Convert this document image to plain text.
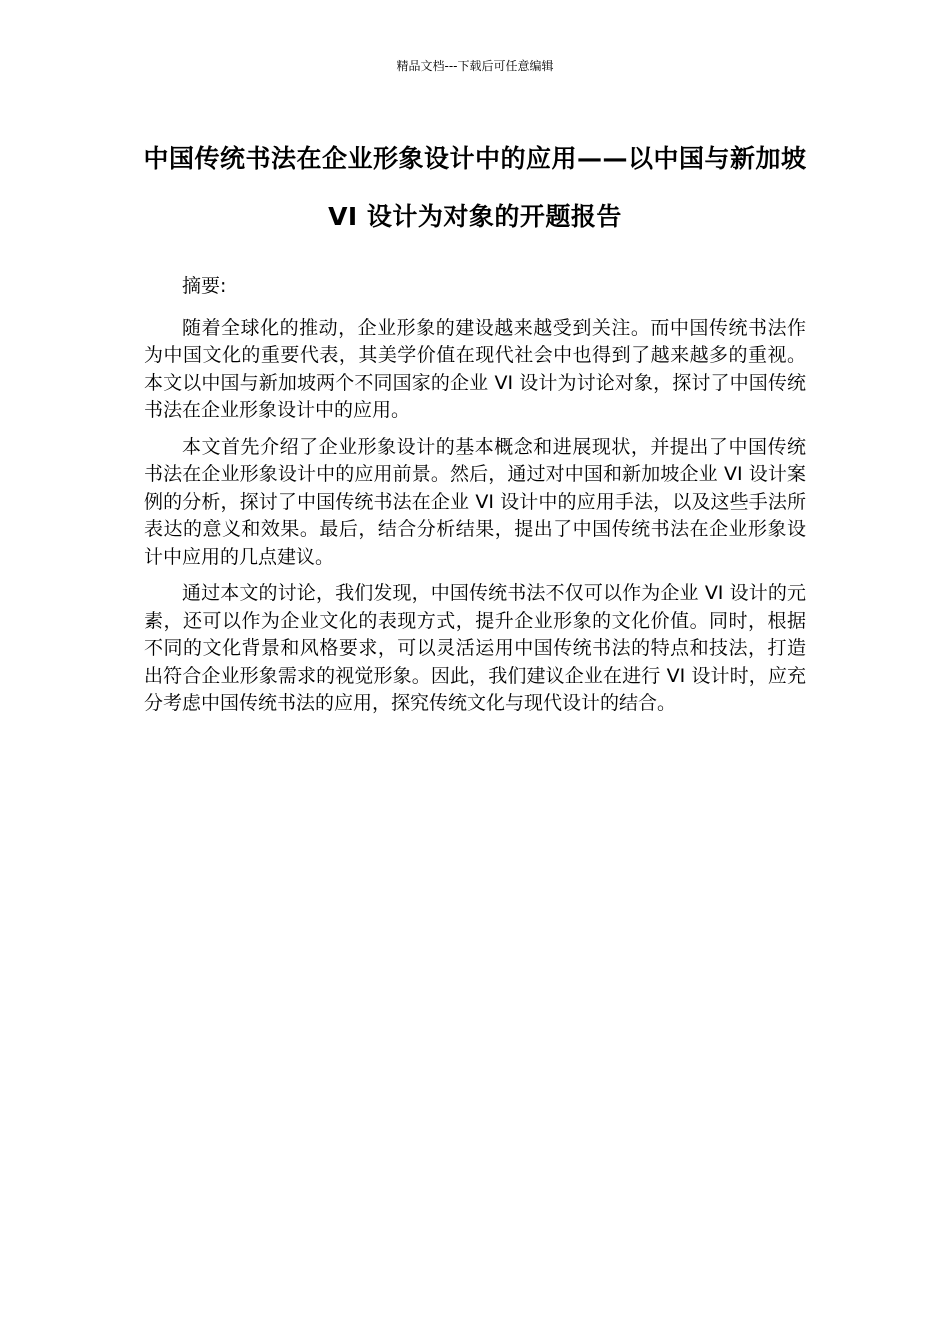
精品文档---下载后可任意编辑
中国传统书法在企业形象设计中的应用——以中国与新加坡 VI 设计为对象的开题报告

摘要:

随着全球化的推动，企业形象的建设越来越受到关注。而中国传统书法作为中国文化的重要代表，其美学价值在现代社会中也得到了越来越多的重视。本文以中国与新加坡两个不同国家的企业 VI 设计为讨论对象，探讨了中国传统书法在企业形象设计中的应用。

本文首先介绍了企业形象设计的基本概念和进展现状，并提出了中国传统书法在企业形象设计中的应用前景。然后，通过对中国和新加坡企业 VI 设计案例的分析，探讨了中国传统书法在企业 VI 设计中的应用手法，以及这些手法所表达的意义和效果。最后，结合分析结果，提出了中国传统书法在企业形象设计中应用的几点建议。

通过本文的讨论，我们发现，中国传统书法不仅可以作为企业 VI 设计的元素，还可以作为企业文化的表现方式，提升企业形象的文化价值。同时，根据不同的文化背景和风格要求，可以灵活运用中国传统书法的特点和技法，打造出符合企业形象需求的视觉形象。因此，我们建议企业在进行 VI 设计时，应充分考虑中国传统书法的应用，探究传统文化与现代设计的结合。
